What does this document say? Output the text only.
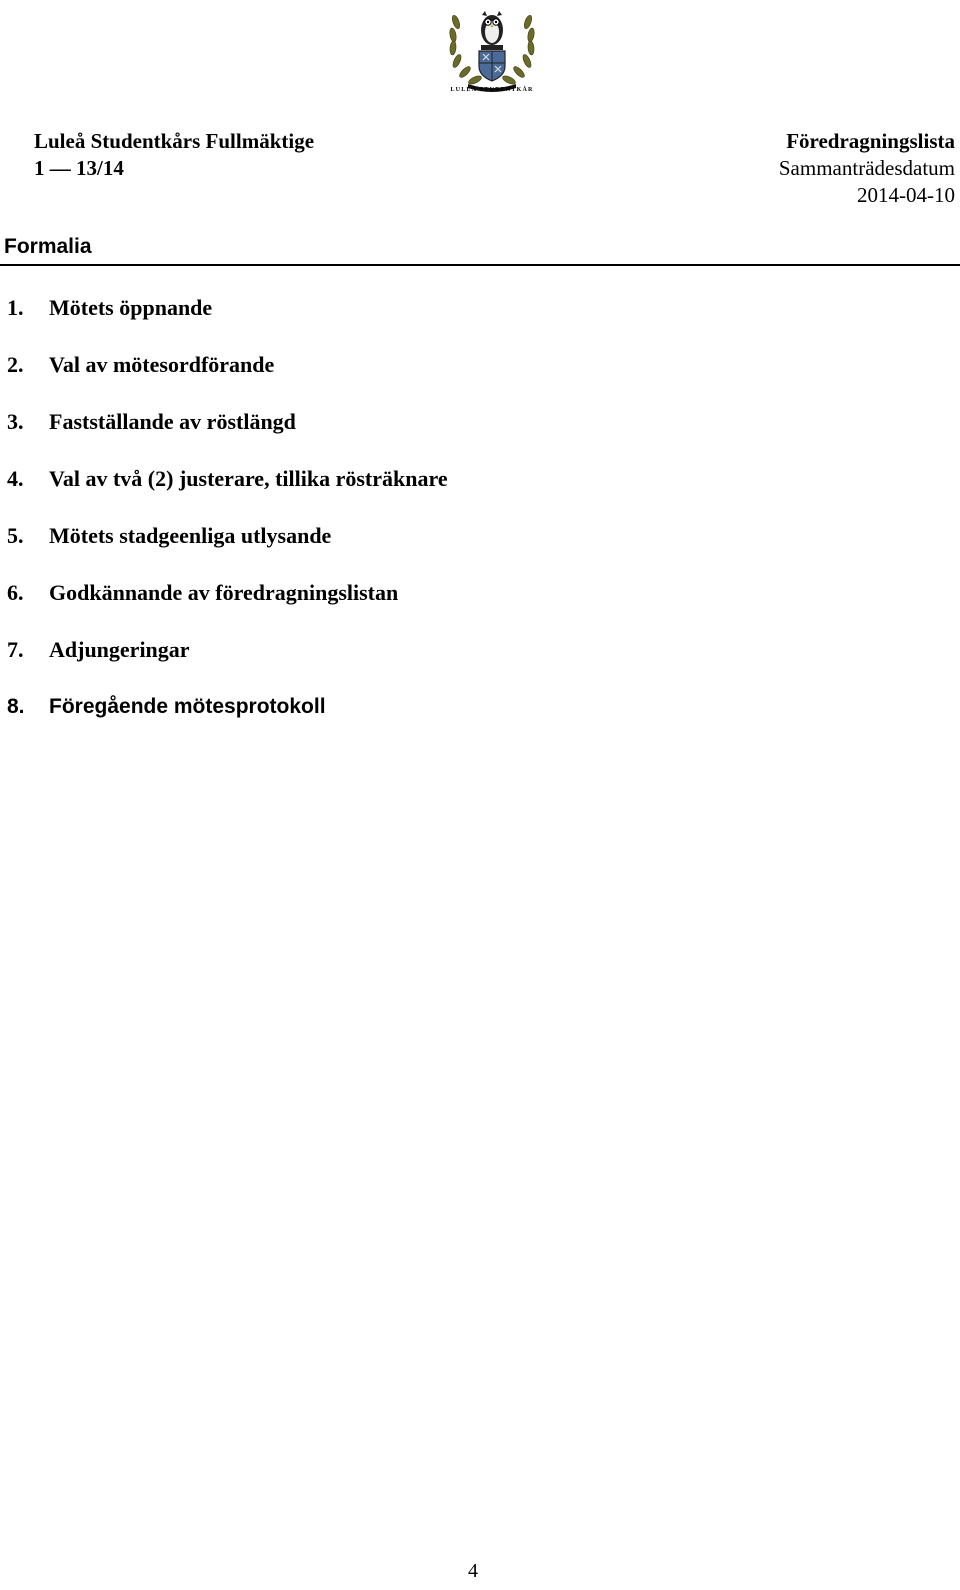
LULEÅ STUDENTKÅR
Luleå Studentkårs Fullmäktige
1 — 13/14
Föredragningslista
Sammanträdesdatum
2014-04-10
Formalia
1. Mötets öppnande
2. Val av mötesordförande
3. Fastställande av röstlängd
4. Val av två (2) justerare, tillika rösträknare
5. Mötets stadgeenliga utlysande
6. Godkännande av föredragningslistan
7. Adjungeringar
8. Föregående mötesprotokoll
4
